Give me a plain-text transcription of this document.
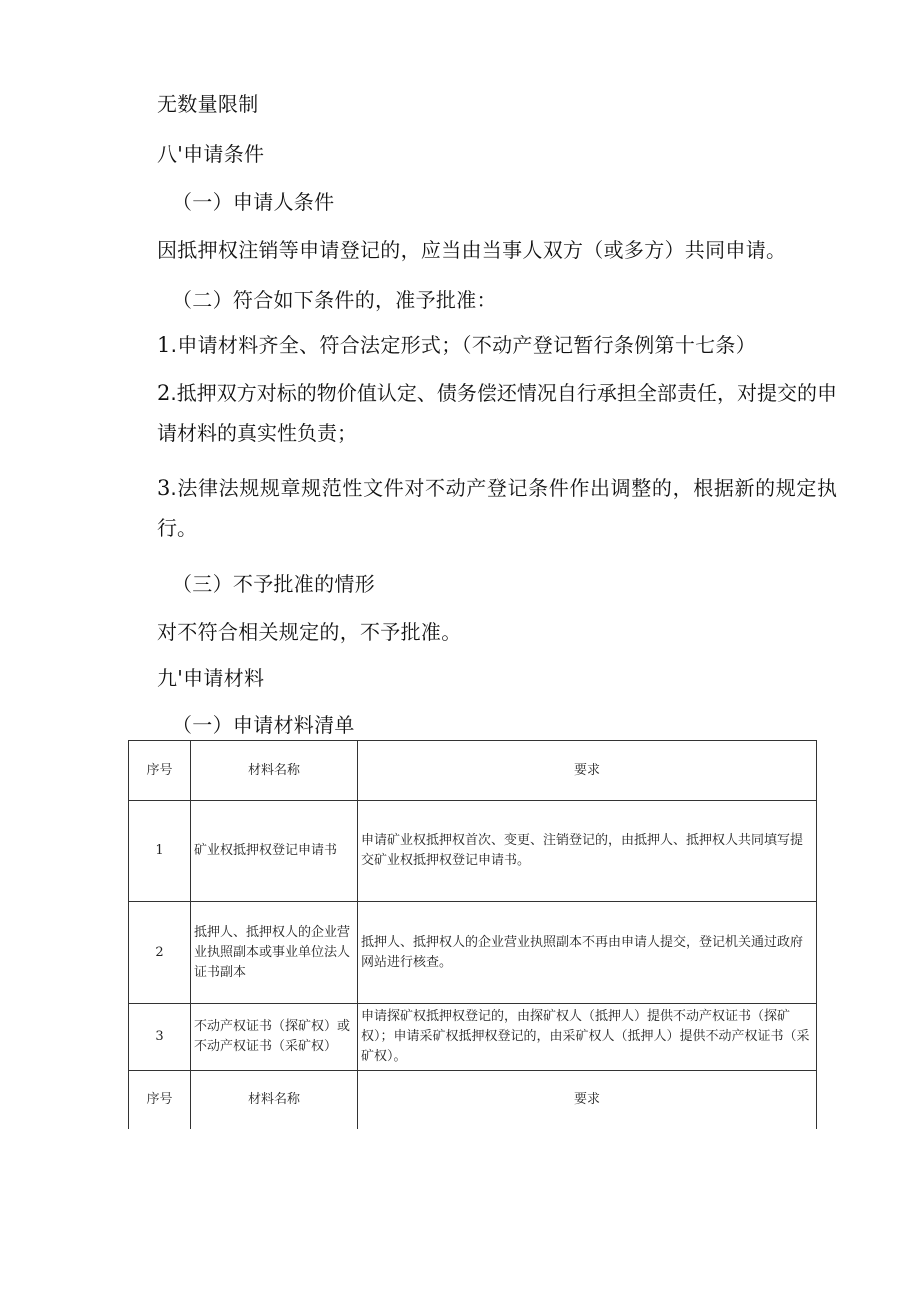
无数量限制
八'申请条件
（一）申请人条件
因抵押权注销等申请登记的，应当由当事人双方（或多方）共同申请。
（二）符合如下条件的，准予批准：
1.申请材料齐全、符合法定形式；（不动产登记暂行条例第十七条）
2.抵押双方对标的物价值认定、债务偿还情况自行承担全部责任，对提交的申请材料的真实性负责；
3.法律法规规章规范性文件对不动产登记条件作出调整的，根据新的规定执行。
（三）不予批准的情形
对不符合相关规定的，不予批准。
九'申请材料
（一）申请材料清单
序号	材料名称	要求
1	矿业权抵押权登记申请书	申请矿业权抵押权首次、变更、注销登记的，由抵押人、抵押权人共同填写提交矿业权抵押权登记申请书。
2	抵押人、抵押权人的企业营业执照副本或事业单位法人证书副本	抵押人、抵押权人的企业营业执照副本不再由申请人提交，登记机关通过政府网站进行核查。
3	不动产权证书（探矿权）或不动产权证书（采矿权）	申请探矿权抵押权登记的，由探矿权人（抵押人）提供不动产权证书（探矿权）；申请采矿权抵押权登记的，由采矿权人（抵押人）提供不动产权证书（采矿权）。
序号	材料名称	要求
